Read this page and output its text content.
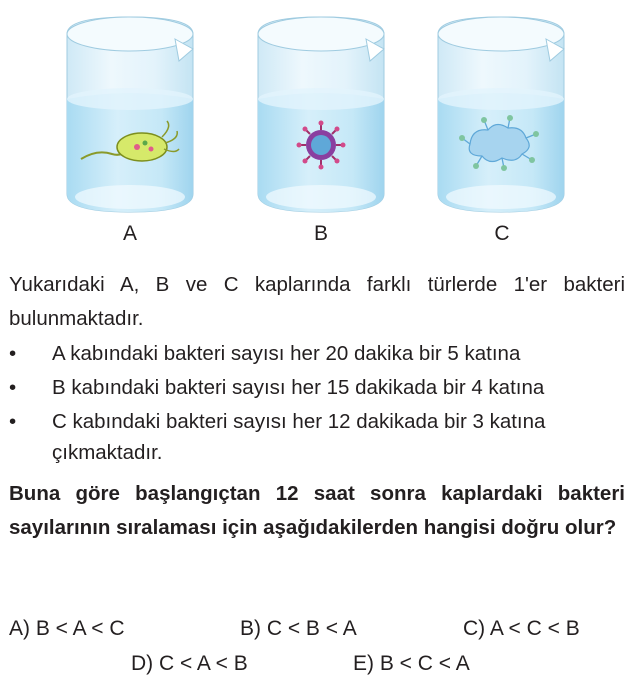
A	B	C
Yukarıdaki A, B ve C kaplarında farklı türlerde 1'er bakteri bulunmaktadır.
•	A kabındaki bakteri sayısı her 20 dakika bir 5 katına
•	B kabındaki bakteri sayısı her 15 dakikada bir 4 katına
•	C kabındaki bakteri sayısı her 12 dakikada bir 3 katına
çıkmaktadır.
Buna göre başlangıçtan 12 saat sonra kaplardaki bakteri sayılarının sıralaması için aşağıdakilerden hangisi doğru olur?
A) B < A < C	B) C < B < A	C) A < C < B
D) C < A < B	E) B < C < A
